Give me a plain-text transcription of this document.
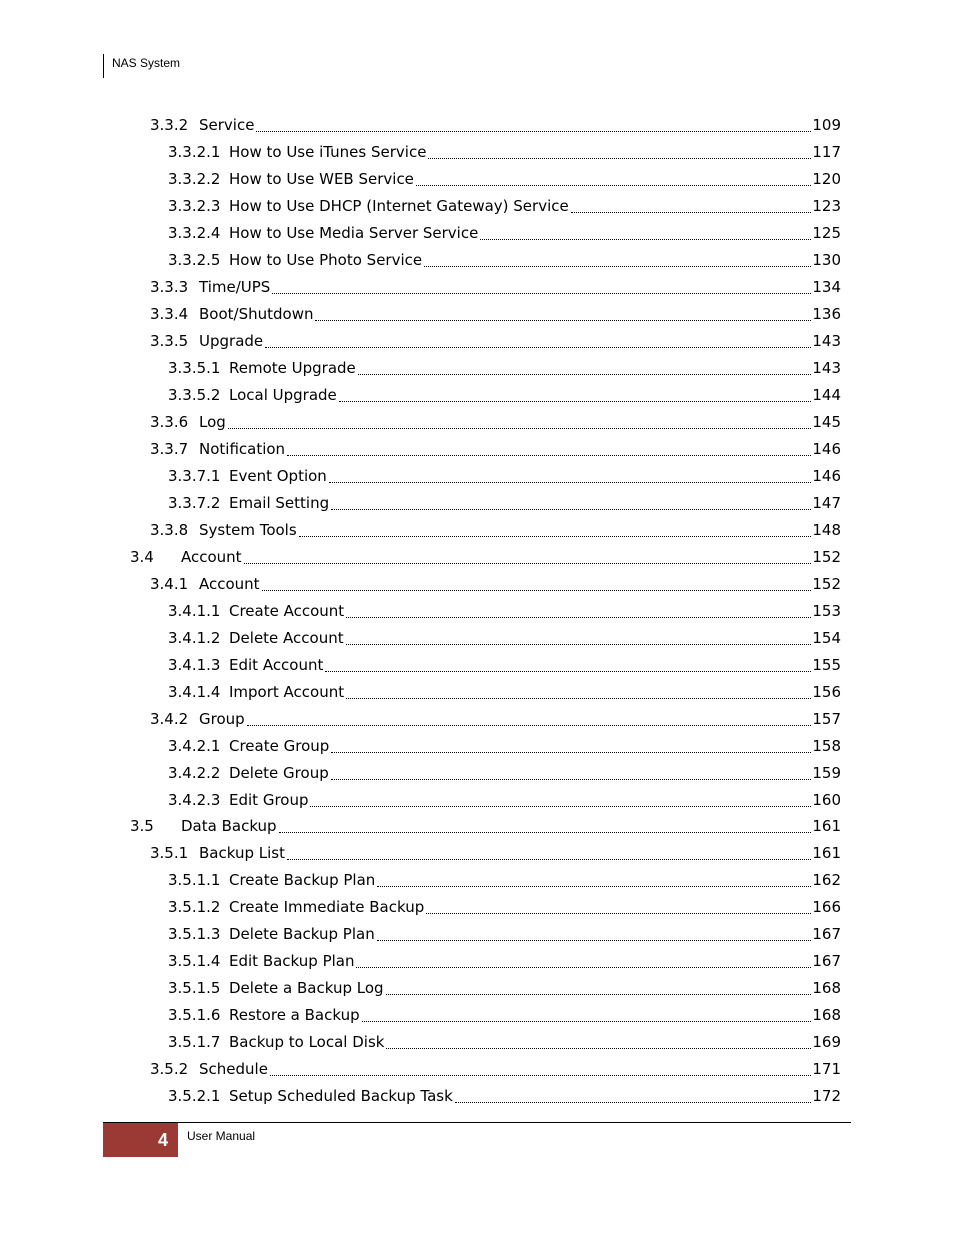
NAS System
3.3.2 Service	109
3.3.2.1 How to Use iTunes Service	117
3.3.2.2 How to Use WEB Service	120
3.3.2.3 How to Use DHCP (Internet Gateway) Service	123
3.3.2.4 How to Use Media Server Service	125
3.3.2.5 How to Use Photo Service	130
3.3.3 Time/UPS	134
3.3.4 Boot/Shutdown	136
3.3.5 Upgrade	143
3.3.5.1 Remote Upgrade	143
3.3.5.2 Local Upgrade	144
3.3.6 Log	145
3.3.7 Notification	146
3.3.7.1 Event Option	146
3.3.7.2 Email Setting	147
3.3.8 System Tools	148
3.4	Account	152
3.4.1 Account	152
3.4.1.1 Create Account	153
3.4.1.2 Delete Account	154
3.4.1.3 Edit Account	155
3.4.1.4 Import Account	156
3.4.2 Group	157
3.4.2.1 Create Group	158
3.4.2.2 Delete Group	159
3.4.2.3 Edit Group	160
3.5	Data Backup	161
3.5.1 Backup List	161
3.5.1.1 Create Backup Plan	162
3.5.1.2 Create Immediate Backup	166
3.5.1.3 Delete Backup Plan	167
3.5.1.4 Edit Backup Plan	167
3.5.1.5 Delete a Backup Log	168
3.5.1.6 Restore a Backup	168
3.5.1.7 Backup to Local Disk	169
3.5.2 Schedule	171
3.5.2.1 Setup Scheduled Backup Task	172
4 User Manual
